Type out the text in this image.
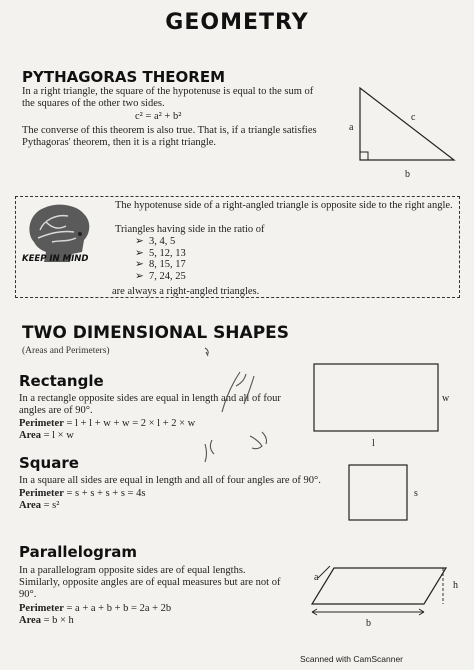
GEOMETRY
PYTHAGORAS THEOREM
In a right triangle, the square of the hypotenuse is equal to the sum of
the squares of the other two sides.
c² = a² + b²
The converse of this theorem is also true. That is, if a triangle satisfies
Pythagoras' theorem, then it is a right triangle.
a
c
b
KEEP IN MIND
The hypotenuse side of a right-angled triangle is opposite side to the right angle.
Triangles having side in the ratio of
➢ 3, 4, 5
➢ 5, 12, 13
➢ 8, 15, 17
➢ 7, 24, 25
are always a right-angled triangles.
TWO DIMENSIONAL SHAPES
(Areas and Perimeters)
Rectangle
In a rectangle opposite sides are equal in length and all of four
angles are of 90°.
Perimeter = l + l + w + w = 2 × l + 2 × w
Area = l × w
Square
In a square all sides are equal in length and all of four angles are of 90°.
Perimeter = s + s + s + s = 4s
Area = s²
Parallelogram
In a parallelogram opposite sides are of equal lengths.
Similarly, opposite angles are of equal measures but are not of
90°.
Perimeter = a + a + b + b = 2a + 2b
Area = b × h
w
l
s
a
h
b
Scanned with CamScanner
